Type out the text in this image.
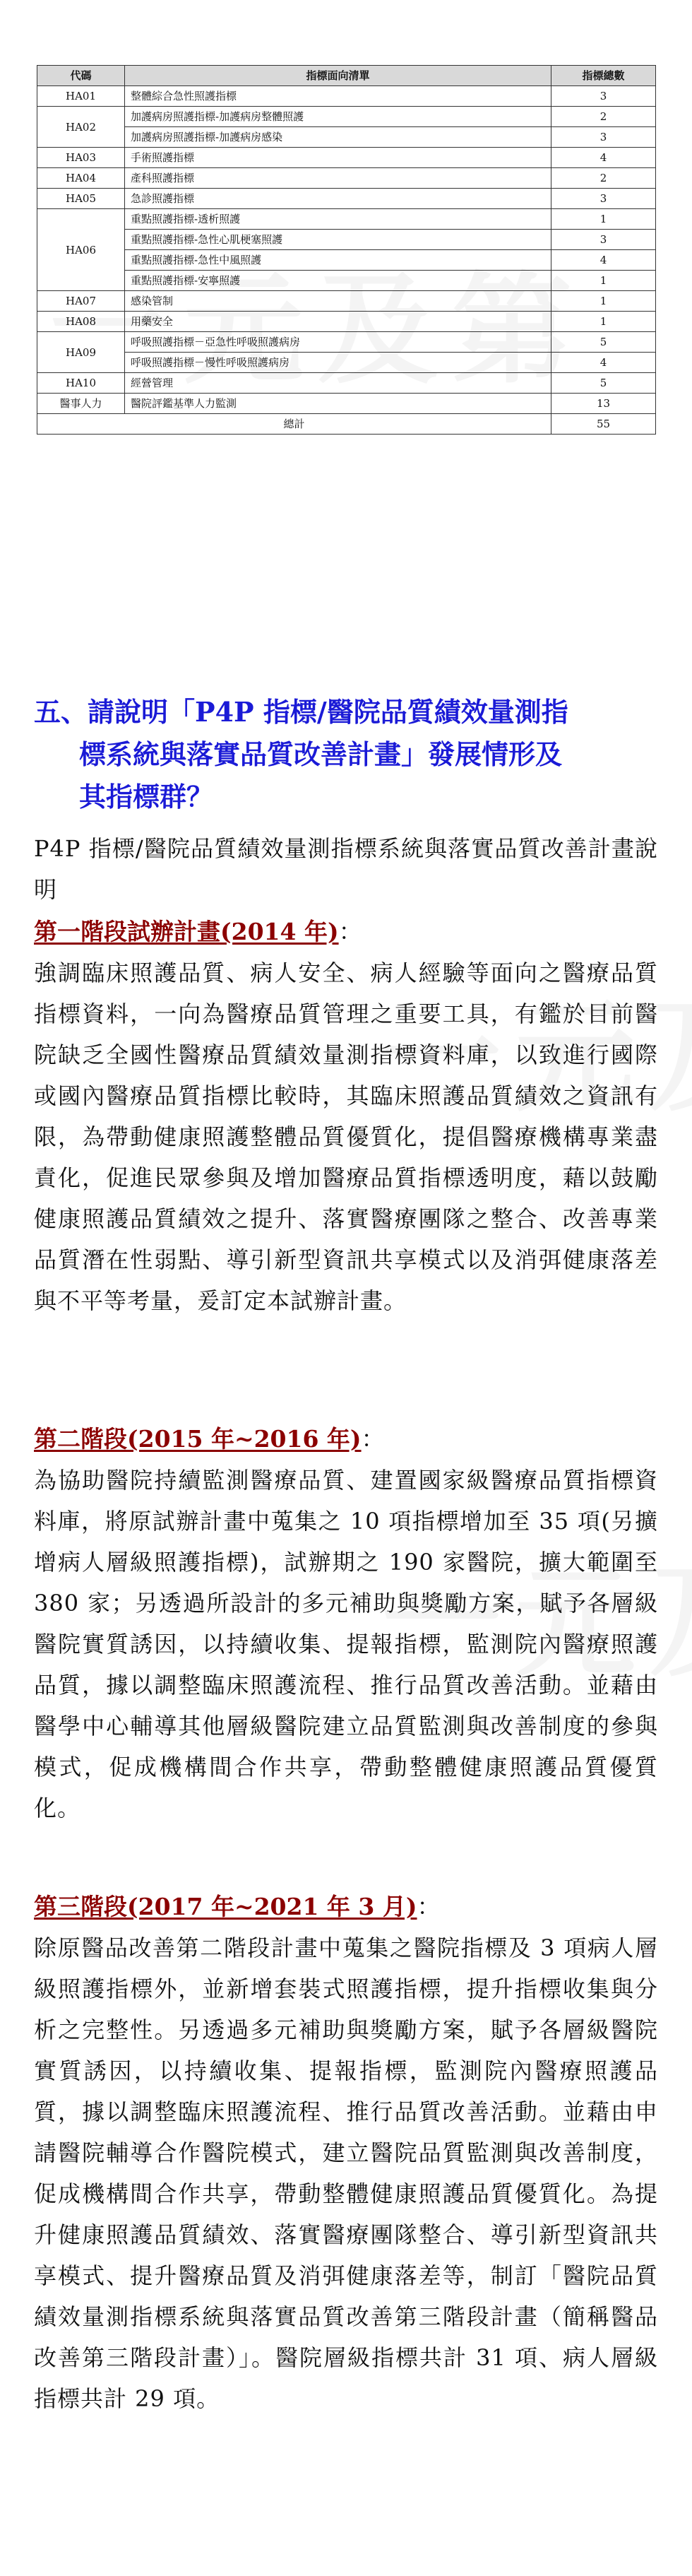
代碼	指標面向清單	指標總數
HA01	整體綜合急性照護指標	3
HA02	加護病房照護指標-加護病房整體照護	2
	加護病房照護指標-加護病房感染	3
HA03	手術照護指標	4
HA04	產科照護指標	2
HA05	急診照護指標	3
HA06	重點照護指標-透析照護	1
	重點照護指標-急性心肌梗塞照護	3
	重點照護指標-急性中風照護	4
	重點照護指標-安寧照護	1
HA07	感染管制	1
HA08	用藥安全	1
HA09	呼吸照護指標－亞急性呼吸照護病房	5
	呼吸照護指標－慢性呼吸照護病房	4
HA10	經營管理	5
醫事人力	醫院評鑑基準人力監測	13
總計		55
五、請說明「P4P 指標/醫院品質績效量測指
標系統與落實品質改善計畫」發展情形及
其指標群？
P4P 指標/醫院品質績效量測指標系統與落實品質改善計畫說明
第一階段試辦計畫(2014 年)：
強調臨床照護品質、病人安全、病人經驗等面向之醫療品質指標資料，一向為醫療品質管理之重要工具，有鑑於目前醫院缺乏全國性醫療品質績效量測指標資料庫，以致進行國際或國內醫療品質指標比較時，其臨床照護品質績效之資訊有限，為帶動健康照護整體品質優質化，提倡醫療機構專業盡責化，促進民眾參與及增加醫療品質指標透明度，藉以鼓勵健康照護品質績效之提升、落實醫療團隊之整合、改善專業品質潛在性弱點、導引新型資訊共享模式以及消弭健康落差與不平等考量，爰訂定本試辦計畫。
第二階段(2015 年~2016 年)：
為協助醫院持續監測醫療品質、建置國家級醫療品質指標資料庫，將原試辦計畫中蒐集之 10 項指標增加至 35 項(另擴增病人層級照護指標)，試辦期之 190 家醫院，擴大範圍至 380 家；另透過所設計的多元補助與獎勵方案，賦予各層級醫院實質誘因，以持續收集、提報指標，監測院內醫療照護品質，據以調整臨床照護流程、推行品質改善活動。並藉由醫學中心輔導其他層級醫院建立品質監測與改善制度的參與模式，促成機構間合作共享，帶動整體健康照護品質優質化。
第三階段(2017 年~2021 年 3 月)：
除原醫品改善第二階段計畫中蒐集之醫院指標及 3 項病人層級照護指標外，並新增套裝式照護指標，提升指標收集與分析之完整性。另透過多元補助與獎勵方案，賦予各層級醫院實質誘因，以持續收集、提報指標，監測院內醫療照護品質，據以調整臨床照護流程、推行品質改善活動。並藉由申請醫院輔導合作醫院模式，建立醫院品質監測與改善制度，促成機構間合作共享，帶動整體健康照護品質優質化。為提升健康照護品質績效、落實醫療團隊整合、導引新型資訊共享模式、提升醫療品質及消弭健康落差等，制訂「醫院品質績效量測指標系統與落實品質改善第三階段計畫（簡稱醫品改善第三階段計畫）」。醫院層級指標共計 31 項、病人層級指標共計 29 項。
